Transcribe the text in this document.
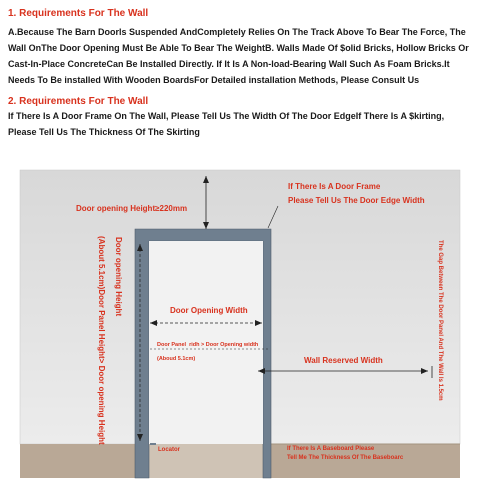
1. Requirements For The Wall
A.Because The Barn Doorls Suspended AndCompletely Relies On The Track Above To Bear The Force, The Wall OnThe Door Opening Must Be Able To Bear The WeightB. Walls Made Of $olid Bricks, Hollow Bricks Or Cast-In-Place ConcreteCan Be Installed Directly. If It Is A Non-load-Bearing Wall Such As Foam Bricks.It Needs To Be installed With Wooden BoardsFor Detailed installation Methods, Please Consult Us
2. Requirements For The Wall
If There Is A Door Frame On The Wall, Please Tell Us The Width Of The Door EdgeIf There Is A $kirting, Please Tell Us The Thickness Of The Skirting
If There Is A Door Frame
Please Tell Us The Door Edge Width
Door opening Height≥220mm
Door opening Height
(About 5.1cm)Door Panel Height> Door opening Height	Door Opening Width
Door Panel  ridh > Door Opening width
(Aboud 5.1cm)	Wall Reserved Width	The Gap Between The Door Panel And The Wall Is 1.5cm
Locator	If There Is A Baseboard Please
Tell Me The Thickness Of The Baseboarc
